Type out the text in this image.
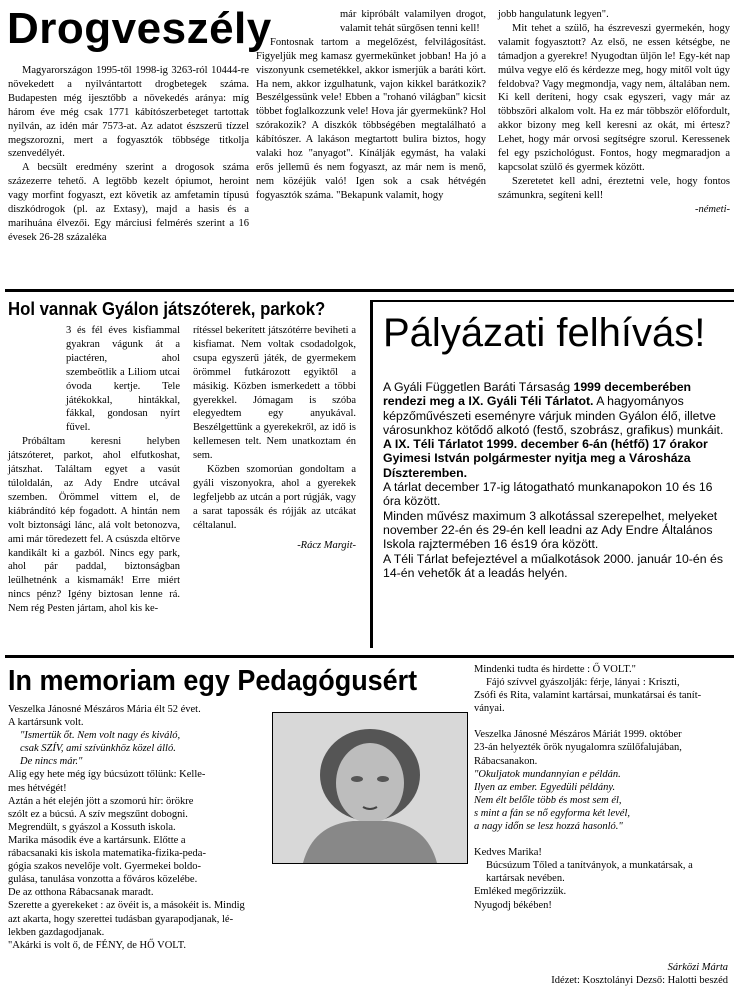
Drogveszély

Magyarországon 1995-től 1998-ig 3263-ról 10444-re növekedett a nyilvántartott drogbetegek száma. Budapesten még ijesztőbb a növekedés aránya: míg három éve még csak 1771 kábítószerbeteget tartottak nyilván, az idén már 7573-at. Az adatot észszerű tízzel megszorozni, mert a fogyasztók többsége titkolja szenvedélyét.

A becsült eredmény szerint a drogosok száma százezerre tehető. A legtöbb kezelt ópiumot, heroint vagy morfint fogyaszt, ezt követik az amfetamin típusú diszkódrogok (pl. az Extasy), majd a hasis és a marihuána élvezői. Egy márciusi felmérés szerint a 16 évesek 26-28 százaléka

már kipróbált valamilyen drogot, valamit tehát sürgősen tenni kell!

Fontosnak tartom a megelőzést, felvilágosítást. Figyeljük meg kamasz gyermekünket jobban! Ha jó a viszonyunk csemetékkel, akkor ismerjük a baráti kört. Ha nem, akkor izgulhatunk, vajon kikkel barátkozik? Beszélgessünk vele! Ebben a "rohanó világban" kicsit többet foglalkozzunk vele! Hova jár gyermekünk? Hol szórakozik? A diszkók többségében megtalálható a kábítószer. A lakáson megtartott bulira biztos, hogy valaki hoz "anyagot". Kínálják egymást, ha valaki erős jellemű és nem fogyaszt, az már nem is menő, nem közéjük való! Igen sok a csak hétvégén fogyasztók száma. "Bekapunk valamit, hogy

jobb hangulatunk legyen".

Mit tehet a szülő, ha észreveszi gyermekén, hogy valamit fogyasztott? Az első, ne essen kétségbe, ne támadjon a gyerekre! Nyugodtan üljön le! Egy-két nap múlva vegye elő és kérdezze meg, hogy mitől volt úgy feldobva? Vagy megmondja, vagy nem, általában nem. Ki kell deríteni, hogy csak egyszeri, vagy már az többszöri alkalom volt. Ha ez már többször előfordult, akkor bizony meg kell keresni az okát, mi értesz? Lehet, hogy már orvosi segítségre szorul. Keressenek fel egy pszichológust. Fontos, hogy megmaradjon a kapcsolat szülő és gyermek között.

Szeretetet kell adni, éreztetni vele, hogy fontos számunkra, segíteni kell!

-németi-
Hol vannak Gyálon játszóterek, parkok?

3 és fél éves kisfiammal gyakran vágunk át a piactéren, ahol szembeötlik a Liliom utcai óvoda kertje. Tele játékokkal, hintákkal, fákkal, gondosan nyírt fűvel.

Próbáltam keresni helyben játszóteret, parkot, ahol elfutkoshat, játszhat. Találtam egyet a vasút túloldalán, az Ady Endre utcával szemben. Örömmel vittem el, de kiábrándító kép fogadott. A hintán nem volt biztonsági lánc, alá volt betonozva, ami már töredezett fel. A csúszda eltörve kandikált ki a gazból. Nincs egy park, ahol pár paddal, biztonságban leülhetnénk a kismamák! Erre miért nincs pénz? Igény biztosan lenne rá. Nem rég Pesten jártam, ahol kis ke-

rítéssel bekerített játszótérre beviheti a kisfiamat. Nem voltak csodadolgok, csupa egyszerű játék, de gyermekem örömmel futkározott egyiktől a másikig. Közben ismerkedett a többi gyerekkel. Jómagam is szóba elegyedtem egy anyukával. Beszélgettünk a gyerekekről, az idő is kellemesen telt. Nem unatkoztam én sem.

Közben szomorúan gondoltam a gyáli viszonyokra, ahol a gyerekek legfeljebb az utcán a port rúgják, vagy a sarat tapossák és rójják az utcákat céltalanul.

-Rácz Margit-
Pályázati felhívás!

A Gyáli Független Baráti Társaság 1999 decemberében rendezi meg a IX. Gyáli Téli Tárlatot. A hagyományos képzőművészeti eseményre várjuk minden Gyálon élő, illetve városunkhoz kötődő alkotó (festő, szobrász, grafikus) munkáit.

A IX. Téli Tárlatot 1999. december 6-án (hétfő) 17 órakor Gyimesi István polgármester nyitja meg a Városháza Díszteremben.

A tárlat december 17-ig látogatható munkanapokon 10 és 16 óra között.

Minden művész maximum 3 alkotással szerepelhet, melyeket november 22-én és 29-én kell leadni az Ady Endre Általános Iskola rajztermében 16 és19 óra között.

A Téli Tárlat befejeztével a műalkotások 2000. január 10-én és 14-én vehetők át a leadás helyén.

In memoriam egy Pedagógusért
Veszelka Jánosné Mészáros Mária élt 52 évet.
A kartársunk volt.
"Ismertük őt. Nem volt nagy és kiváló,
csak SZÍV, ami szívünkhöz közel álló.
De nincs már."
Alig egy hete még így búcsúzott tőlünk: Kelle-
mes hétvégét!
Aztán a hét elején jött a szomorú hír: örökre
szólt ez a búcsú. A szív megszűnt dobogni.
Megrendült, s gyászol a Kossuth iskola.
Marika második éve a kartársunk. Előtte a
rábacsanaki kis iskola matematika-fizika-peda-
gógia szakos nevelője volt. Gyermekei boldo-
gulása, tanulása vonzotta a főváros közelébe.
De az otthona Rábacsanak maradt.
Szerette a gyerekeket : az övéit is, a másokéit is. Mindig
azt akarta, hogy szerettei tudásban gyarapodjanak, lé-
lekben gazdagodjanak.
"Akárki is volt ő, de FÉNY, de HŐ VOLT.
Mindenki tudta és hirdette : Ő VOLT."
Fájó szívvel gyászolják: férje, lányai : Kriszti,
Zsófi és Rita, valamint kartársai, munkatársai és tanít-
ványai.
Veszelka Jánosné Mészáros Máriát 1999. október
23-án helyezték örök nyugalomra szülőfalujában,
Rábacsanakon.
"Okuljatok mundannyian e példán.
Ilyen az ember. Egyedüli példány.
Nem élt belőle több és most sem él,
s mint a fán se nő egyforma két levél,
a nagy időn se lesz hozzá hasonló."
Kedves Marika!
Búcsúzum Tőled a tanítványok, a munkatársak, a
kartársak nevében.
Emléked megőrizzük.
Nyugodj békében!
Sárközi Márta
Idézet: Kosztolányi Dezső: Halotti beszéd
